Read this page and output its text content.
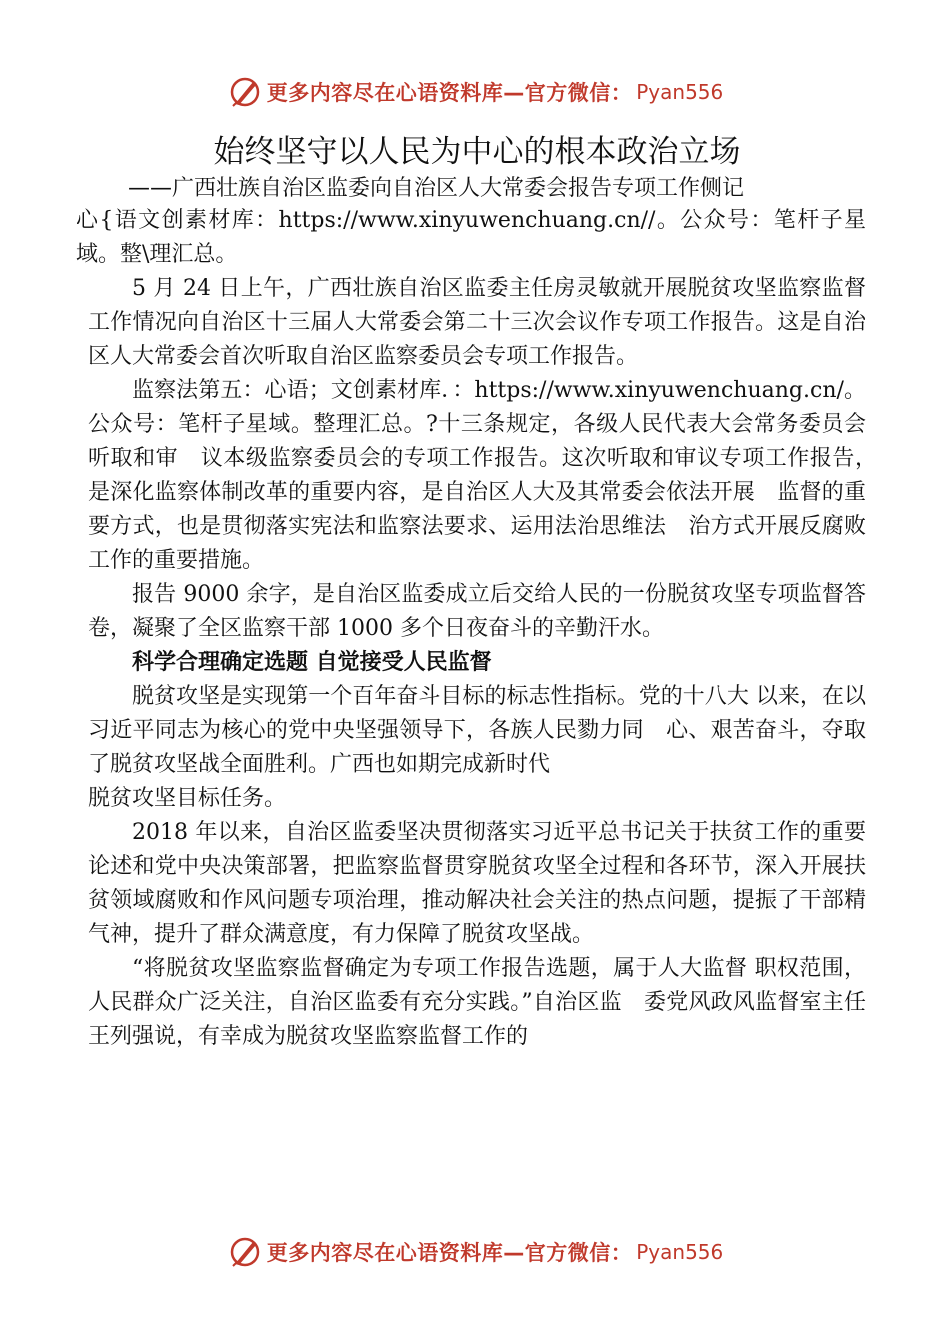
更多内容尽在心语资料库—官方微信： Pyan556
始终坚守以人民为中心的根本政治立场

——广西壮族自治区监委向自治区人大常委会报告专项工作侧记

心{语文创素材库：https://www.xinyuwenchuang.cn//。公众号：笔杆子星域。整\理汇总。

5 月 24 日上午，广西壮族自治区监委主任房灵敏就开展脱贫攻坚监察监督工作情况向自治区十三届人大常委会第二十三次会议作专项工作报告。这是自治区人大常委会首次听取自治区监察委员会专项工作报告。

监察法第五：心语；文创素材库．：https://www.xinyuwenchuang.cn/。公众号：笔杆子星域。整理汇总。?十三条规定，各级人民代表大会常务委员会听取和审　议本级监察委员会的专项工作报告。这次听取和审议专项工作报告，　是深化监察体制改革的重要内容，是自治区人大及其常委会依法开展　监督的重要方式，也是贯彻落实宪法和监察法要求、运用法治思维法　治方式开展反腐败工作的重要措施。

报告 9000 余字，是自治区监委成立后交给人民的一份脱贫攻坚专项监督答卷，凝聚了全区监察干部 1000 多个日夜奋斗的辛勤汗水。

科学合理确定选题 自觉接受人民监督

脱贫攻坚是实现第一个百年奋斗目标的标志性指标。党的十八大 以来，在以习近平同志为核心的党中央坚强领导下，各族人民勠力同　心、艰苦奋斗，夺取了脱贫攻坚战全面胜利。广西也如期完成新时代

脱贫攻坚目标任务。

2018 年以来，自治区监委坚决贯彻落实习近平总书记关于扶贫工作的重要论述和党中央决策部署，把监察监督贯穿脱贫攻坚全过程和各环节，深入开展扶贫领域腐败和作风问题专项治理，推动解决社会关注的热点问题，提振了干部精气神，提升了群众满意度，有力保障了脱贫攻坚战。

“将脱贫攻坚监察监督确定为专项工作报告选题，属于人大监督 职权范围，人民群众广泛关注，自治区监委有充分实践。”自治区监　委党风政风监督室主任王列强说，有幸成为脱贫攻坚监察监督工作的

更多内容尽在心语资料库—官方微信： Pyan556
